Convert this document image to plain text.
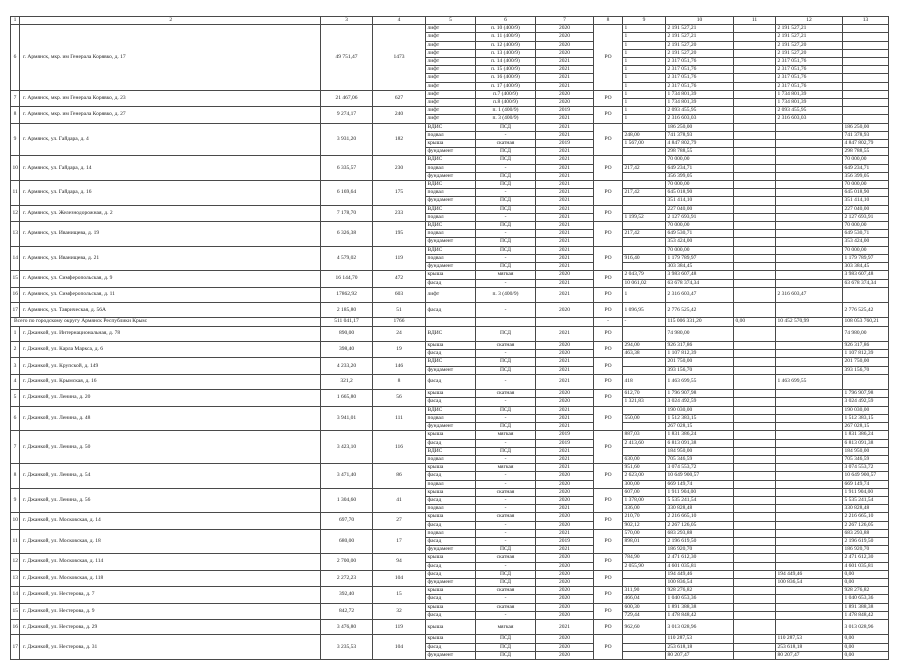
1	2	3	4	5	6	7	8	9	10	11	12	13
6	г. Армянск, мкр. им Генерала Корявко, д. 17	49 751,47	1473	лифт	п. 10 (400/9)	2020	РО	1	2 191 527,21		2 191 527,21	
				лифт	п. 11 (400/9)	2020		1	2 191 527,21		2 191 527,21	
				лифт	п. 12 (400/9)	2020		1	2 191 527,20		2 191 527,20	
				лифт	п. 13 (400/9)	2020		1	2 191 527,20		2 191 527,20	
				лифт	п. 14 (400/9)	2021		1	2 317 051,76		2 317 051,76	
				лифт	п. 15 (400/9)	2021		1	2 317 051,76		2 317 051,76	
				лифт	п. 16 (400/9)	2021		1	2 317 051,76		2 317 051,76	
				лифт	п. 17 (400/9)	2021		1	2 317 051,76		2 317 051,76	
7	г. Армянск, мкр. им Генерала Корявко, д. 23	21 467,06	627	лифт	п.7 (400/9)	2020	РО	1	1 734 801,39		1 734 801,39	
				лифт	п.8 (400/9)	2020		1	1 734 801,39		1 734 801,39	
8	г. Армянск, мкр. им Генерала Корявко, д. 27	9 274,17	240	лифт	п. 1 (400/9)	2019	РО	1	2 093 455,95		2 093 455,95	
				лифт	п. 3 (400/9)	2021		1	2 316 603,03		2 316 603,03	
9	г. Армянск, ул. Гайдара, д. 4	3 931,20	182	ВДИС	ПСД	2021	РО		186 250,00			186 250,00
				подвал	-	2021		248,00	741 378,93			741 378,93
				крыша	скатная	2019		1 567,00	4 847 802,79			4 847 802,79
				фундамент	ПСД	2021			298 788,55			298 788,55
10	г. Армянск, ул. Гайдара, д. 14	6 335,57	230	ВДИС	ПСД	2021	РО		70 000,00			70 000,00
				подвал	-	2021		217,42	649 234,71			649 234,71
				фундамент	ПСД	2021			356 399,05			356 399,05
11	г. Армянск, ул. Гайдара, д. 16	6 169,64	175	ВДИС	ПСД	2021	РО		70 000,00			70 000,00
				подвал	-	2021		217,42	645 018,90			645 018,90
				фундамент	ПСД	2021			351 414,10			351 414,10
12	г. Армянск, ул. Железнодорожная, д. 2	7 178,70	233	ВДИС	ПСД	2021	РО		227 040,00			227 040,00
				подвал	-	2021		1 199,52	2 127 693,91			2 127 693,91
13	г. Армянск, ул. Иванищева, д. 19	6 326,38	195	ВДИС	ПСД	2021	РО		70 000,00			70 000,00
				подвал	-	2021		217,42	649 530,71			649 530,71
				фундамент	ПСД	2021			353 424,00			353 424,00
14	г. Армянск, ул. Иванищева, д. 21	4 579,02	119	ВДИС	ПСД	2021	РО		70 000,00			70 000,00
				подвал	-	2021		916,40	1 179 789,97			1 179 789,97
				фундамент	ПСД	2021			303 384,45			303 384,45
15	г. Армянск, ул. Симферопольская, д. 9	16 144,70	472	крыша	мягкая	2020	РО	2 043,79	3 983 607,48			3 983 607,48
				фасад	-	2021		10 061,02	63 678 374,34			63 678 374,34
16	г. Армянск, ул. Симферопольская, д. 11	17862,92	603	лифт	п. 3 (400/9)	2021	РО	1	2 316 603,47		2 316 603,47	
17	г. Армянск, ул. Таврическая, д. 56А	2 185,80	51	фасад	-	2020	РО	1 096,95	2 776 525,42			2 776 525,42
Всего по городскому округу Армянск Республики Крым:		511 041,17	1766				-	-	115 006 331,20	0,00	10 452 570,99	108 053 760,21
1	г. Джанкой, ул. Интернациональная, д. 78	890,00	24	ВДИС	ПСД	2021	РО		74 980,00			74 980,00
2	г. Джанкой, ул. Карла Маркса, д. 6	398,40	19	крыша	скатная	2020	РО	294,00	926 317,86			926 317,86
				фасад	-	2020		463,38	1 107 812,39			1 107 812,39
3	г. Джанкой, ул. Крупской, д. 149	4 233,20	146	ВДИС	ПСД	2021	РО		201 750,00			201 750,00
				фундамент	ПСД	2021			393 156,70			393 156,70
4	г. Джанкой, ул. Крымская, д. 16	321,2	8	фасад	-	2021	РО	418	1 463 699,55		1 463 699,55	
5	г. Джанкой, ул. Ленина, д. 20	1 665,80	56	крыша	скатная	2020	РО	612,70	1 796 907,98			1 796 907,98
				фасад	-	2020		1 321,83	3 024 492,59			3 024 492,59
6	г. Джанкой, ул. Ленина, д. 48	3 941,01	111	ВДИС	ПСД	2021	РО		190 030,00			190 030,00
				подвал	-	2021		550,00	1 512 383,15			1 512 383,15
				фундамент	ПСД	2021			267 028,15			267 028,15
7	г. Джанкой, ул. Ленина, д. 50	3 423,10	116	крыша	мягкая	2019	РО	887,03	1 831 386,24			1 831 386,24
				фасад	-	2019		2 413,60	6 813 091,38			6 813 091,38
				ВДИС	ПСД	2021			184 950,00			184 950,00
				подвал	-	2021		630,00	705 346,59			705 346,59
8	г. Джанкой, ул. Ленина, д. 54	3 471,40	86	крыша	мягкая	2021	РО	951,60	3 074 553,72			3 074 553,72
				фасад	-	2020		2 623,00	10 649 900,57			10 649 900,57
				подвал	-	2020		300,00	669 149,74			669 149,74
9	г. Джанкой, ул. Ленина, д. 56	1 304,60	41	крыша	скатная	2020	РО	607,00	1 911 904,00			1 911 904,00
				фасад	-	2020		1 378,00	5 535 241,54			5 535 241,54
				подвал	-	2021		336,00	330 828,48			330 828,48
10	г. Джанкой, ул. Московская, д. 14	697,70	27	крыша	скатная	2020	РО	210,70	2 216 665,10			2 216 665,10
				фасад	-	2020		902,12	2 267 126,05			2 267 126,05
11	г. Джанкой, ул. Московская, д. 18	680,00	17	подвал	-	2021	РО	570,00	683 293,88			683 293,88
				фасад	-	2019		898,01	2 196 619,50			2 196 619,50
				фундамент	ПСД	2021			186 920,70			186 920,70
12	г. Джанкой, ул. Московская, д. 114	2 700,00	94	крыша	скатная	2020	РО	784,90	2 471 612,30			2 471 612,30
				фасад	-	2020		2 055,90	4 601 035,81			4 601 035,81
13	г. Джанкой, ул. Московская, д. 118	2 272,23	104	фасад	ПСД	2020	РО		194 449,46		194 449,46	0,00
				фундамент	ПСД	2020			100 836,54		100 836,54	0,00
14	г. Джанкой, ул. Нестерова, д. 7	392,40	15	крыша	скатная	2020	РО	311,90	928 276,82			928 276,82
				фасад	-	2020		466,04	1 040 653,36			1 040 653,36
15	г. Джанкой, ул. Нестерова, д. 9	842,72	32	крыша	скатная	2020	РО	600,30	1 891 388,38			1 891 388,38
				фасад	-	2020		729,44	1 478 848,42			1 478 848,42
16	г. Джанкой, ул. Нестерова, д. 29	3 476,80	119	крыша	мягкая	2021	РО	962,60	3 013 028,96			3 013 028,96
17	г. Джанкой, ул. Нестерова, д. 31	3 235,53	104	крыша	ПСД	2020	РО		110 287,53		110 287,53	0,00
				фасад	ПСД	2020			253 618,18		253 618,18	0,00
				фундамент	ПСД	2020			80 207,47		80 207,47	0,00
